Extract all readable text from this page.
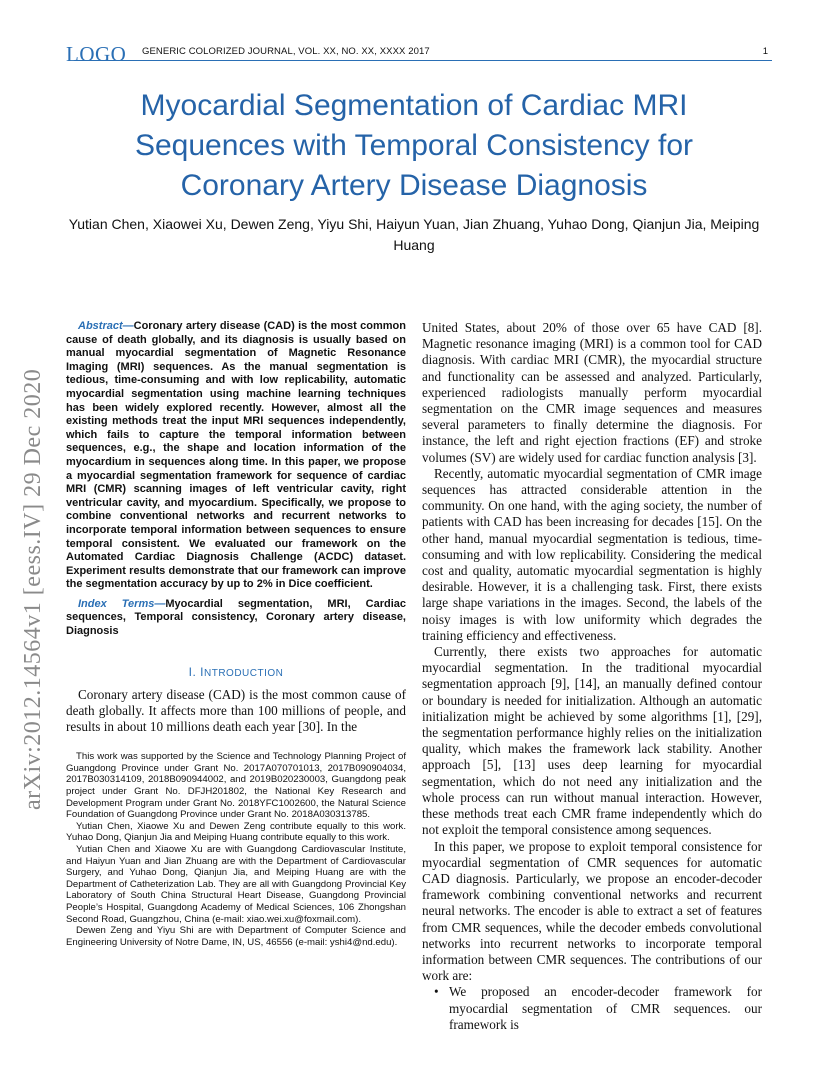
LOGO GENERIC COLORIZED JOURNAL, VOL. XX, NO. XX, XXXX 2017	1
Myocardial Segmentation of Cardiac MRI Sequences with Temporal Consistency for Coronary Artery Disease Diagnosis
Yutian Chen, Xiaowei Xu, Dewen Zeng, Yiyu Shi, Haiyun Yuan, Jian Zhuang, Yuhao Dong, Qianjun Jia, Meiping Huang
arXiv:2012.14564v1 [eess.IV] 29 Dec 2020

Abstract—Coronary artery disease (CAD) is the most common cause of death globally, and its diagnosis is usually based on manual myocardial segmentation of Magnetic Resonance Imaging (MRI) sequences. As the manual segmentation is tedious, time-consuming and with low replicability, automatic myocardial segmentation using machine learning techniques has been widely explored recently. However, almost all the existing methods treat the input MRI sequences independently, which fails to capture the temporal information between sequences, e.g., the shape and location information of the myocardium in sequences along time. In this paper, we propose a myocardial segmentation framework for sequence of cardiac MRI (CMR) scanning images of left ventricular cavity, right ventricular cavity, and myocardium. Specifically, we propose to combine conventional networks and recurrent networks to incorporate temporal information between sequences to ensure temporal consistent. We evaluated our framework on the Automated Cardiac Diagnosis Challenge (ACDC) dataset. Experiment results demonstrate that our framework can improve the segmentation accuracy by up to 2% in Dice coefficient.

Index Terms—Myocardial segmentation, MRI, Cardiac sequences, Temporal consistency, Coronary artery disease, Diagnosis

I. INTRODUCTION

Coronary artery disease (CAD) is the most common cause of death globally. It affects more than 100 millions of people, and results in about 10 millions death each year [30]. In the

This work was supported by the Science and Technology Planning Project of Guangdong Province under Grant No. 2017A070701013, 2017B090904034, 2017B030314109, 2018B090944002, and 2019B020230003, Guangdong peak project under Grant No. DFJH201802, the National Key Research and Development Program under Grant No. 2018YFC1002600, the Natural Science Foundation of Guangdong Province under Grant No. 2018A030313785.

Yutian Chen, Xiaowe Xu and Dewen Zeng contribute equally to this work. Yuhao Dong, Qianjun Jia and Meiping Huang contribute equally to this work.

Yutian Chen and Xiaowe Xu are with Guangdong Cardiovascular Institute, and Haiyun Yuan and Jian Zhuang are with the Department of Cardiovascular Surgery, and Yuhao Dong, Qianjun Jia, and Meiping Huang are with the Department of Catheterization Lab. They are all with Guangdong Provincial Key Laboratory of South China Structural Heart Disease, Guangdong Provincial People’s Hospital, Guangdong Academy of Medical Sciences, 106 Zhongshan Second Road, Guangzhou, China (e-mail: xiao.wei.xu@foxmail.com).

Dewen Zeng and Yiyu Shi are with Department of Computer Science and Engineering University of Notre Dame, IN, US, 46556 (e-mail: yshi4@nd.edu).

United States, about 20% of those over 65 have CAD [8]. Magnetic resonance imaging (MRI) is a common tool for CAD diagnosis. With cardiac MRI (CMR), the myocardial structure and functionality can be assessed and analyzed. Particularly, experienced radiologists manually perform myocardial segmentation on the CMR image sequences and measures several parameters to finally determine the diagnosis. For instance, the left and right ejection fractions (EF) and stroke volumes (SV) are widely used for cardiac function analysis [3].

Recently, automatic myocardial segmentation of CMR image sequences has attracted considerable attention in the community. On one hand, with the aging society, the number of patients with CAD has been increasing for decades [15]. On the other hand, manual myocardial segmentation is tedious, time-consuming and with low replicability. Considering the medical cost and quality, automatic myocardial segmentation is highly desirable. However, it is a challenging task. First, there exists large shape variations in the images. Second, the labels of the noisy images is with low uniformity which degrades the training efficiency and effectiveness.

Currently, there exists two approaches for automatic myocardial segmentation. In the traditional myocardial segmentation approach [9], [14], an manually defined contour or boundary is needed for initialization. Although an automatic initialization might be achieved by some algorithms [1], [29], the segmentation performance highly relies on the initialization quality, which makes the framework lack stability. Another approach [5], [13] uses deep learning for myocardial segmentation, which do not need any initialization and the whole process can run without manual interaction. However, these methods treat each CMR frame independently which do not exploit the temporal consistence among sequences.

In this paper, we propose to exploit temporal consistence for myocardial segmentation of CMR sequences for automatic CAD diagnosis. Particularly, we propose an encoder-decoder framework combining conventional networks and recurrent neural networks. The encoder is able to extract a set of features from CMR sequences, while the decoder embeds convolutional networks into recurrent networks to incorporate temporal information between CMR sequences. The contributions of our work are:

• We proposed an encoder-decoder framework for myocardial segmentation of CMR sequences. our framework is
